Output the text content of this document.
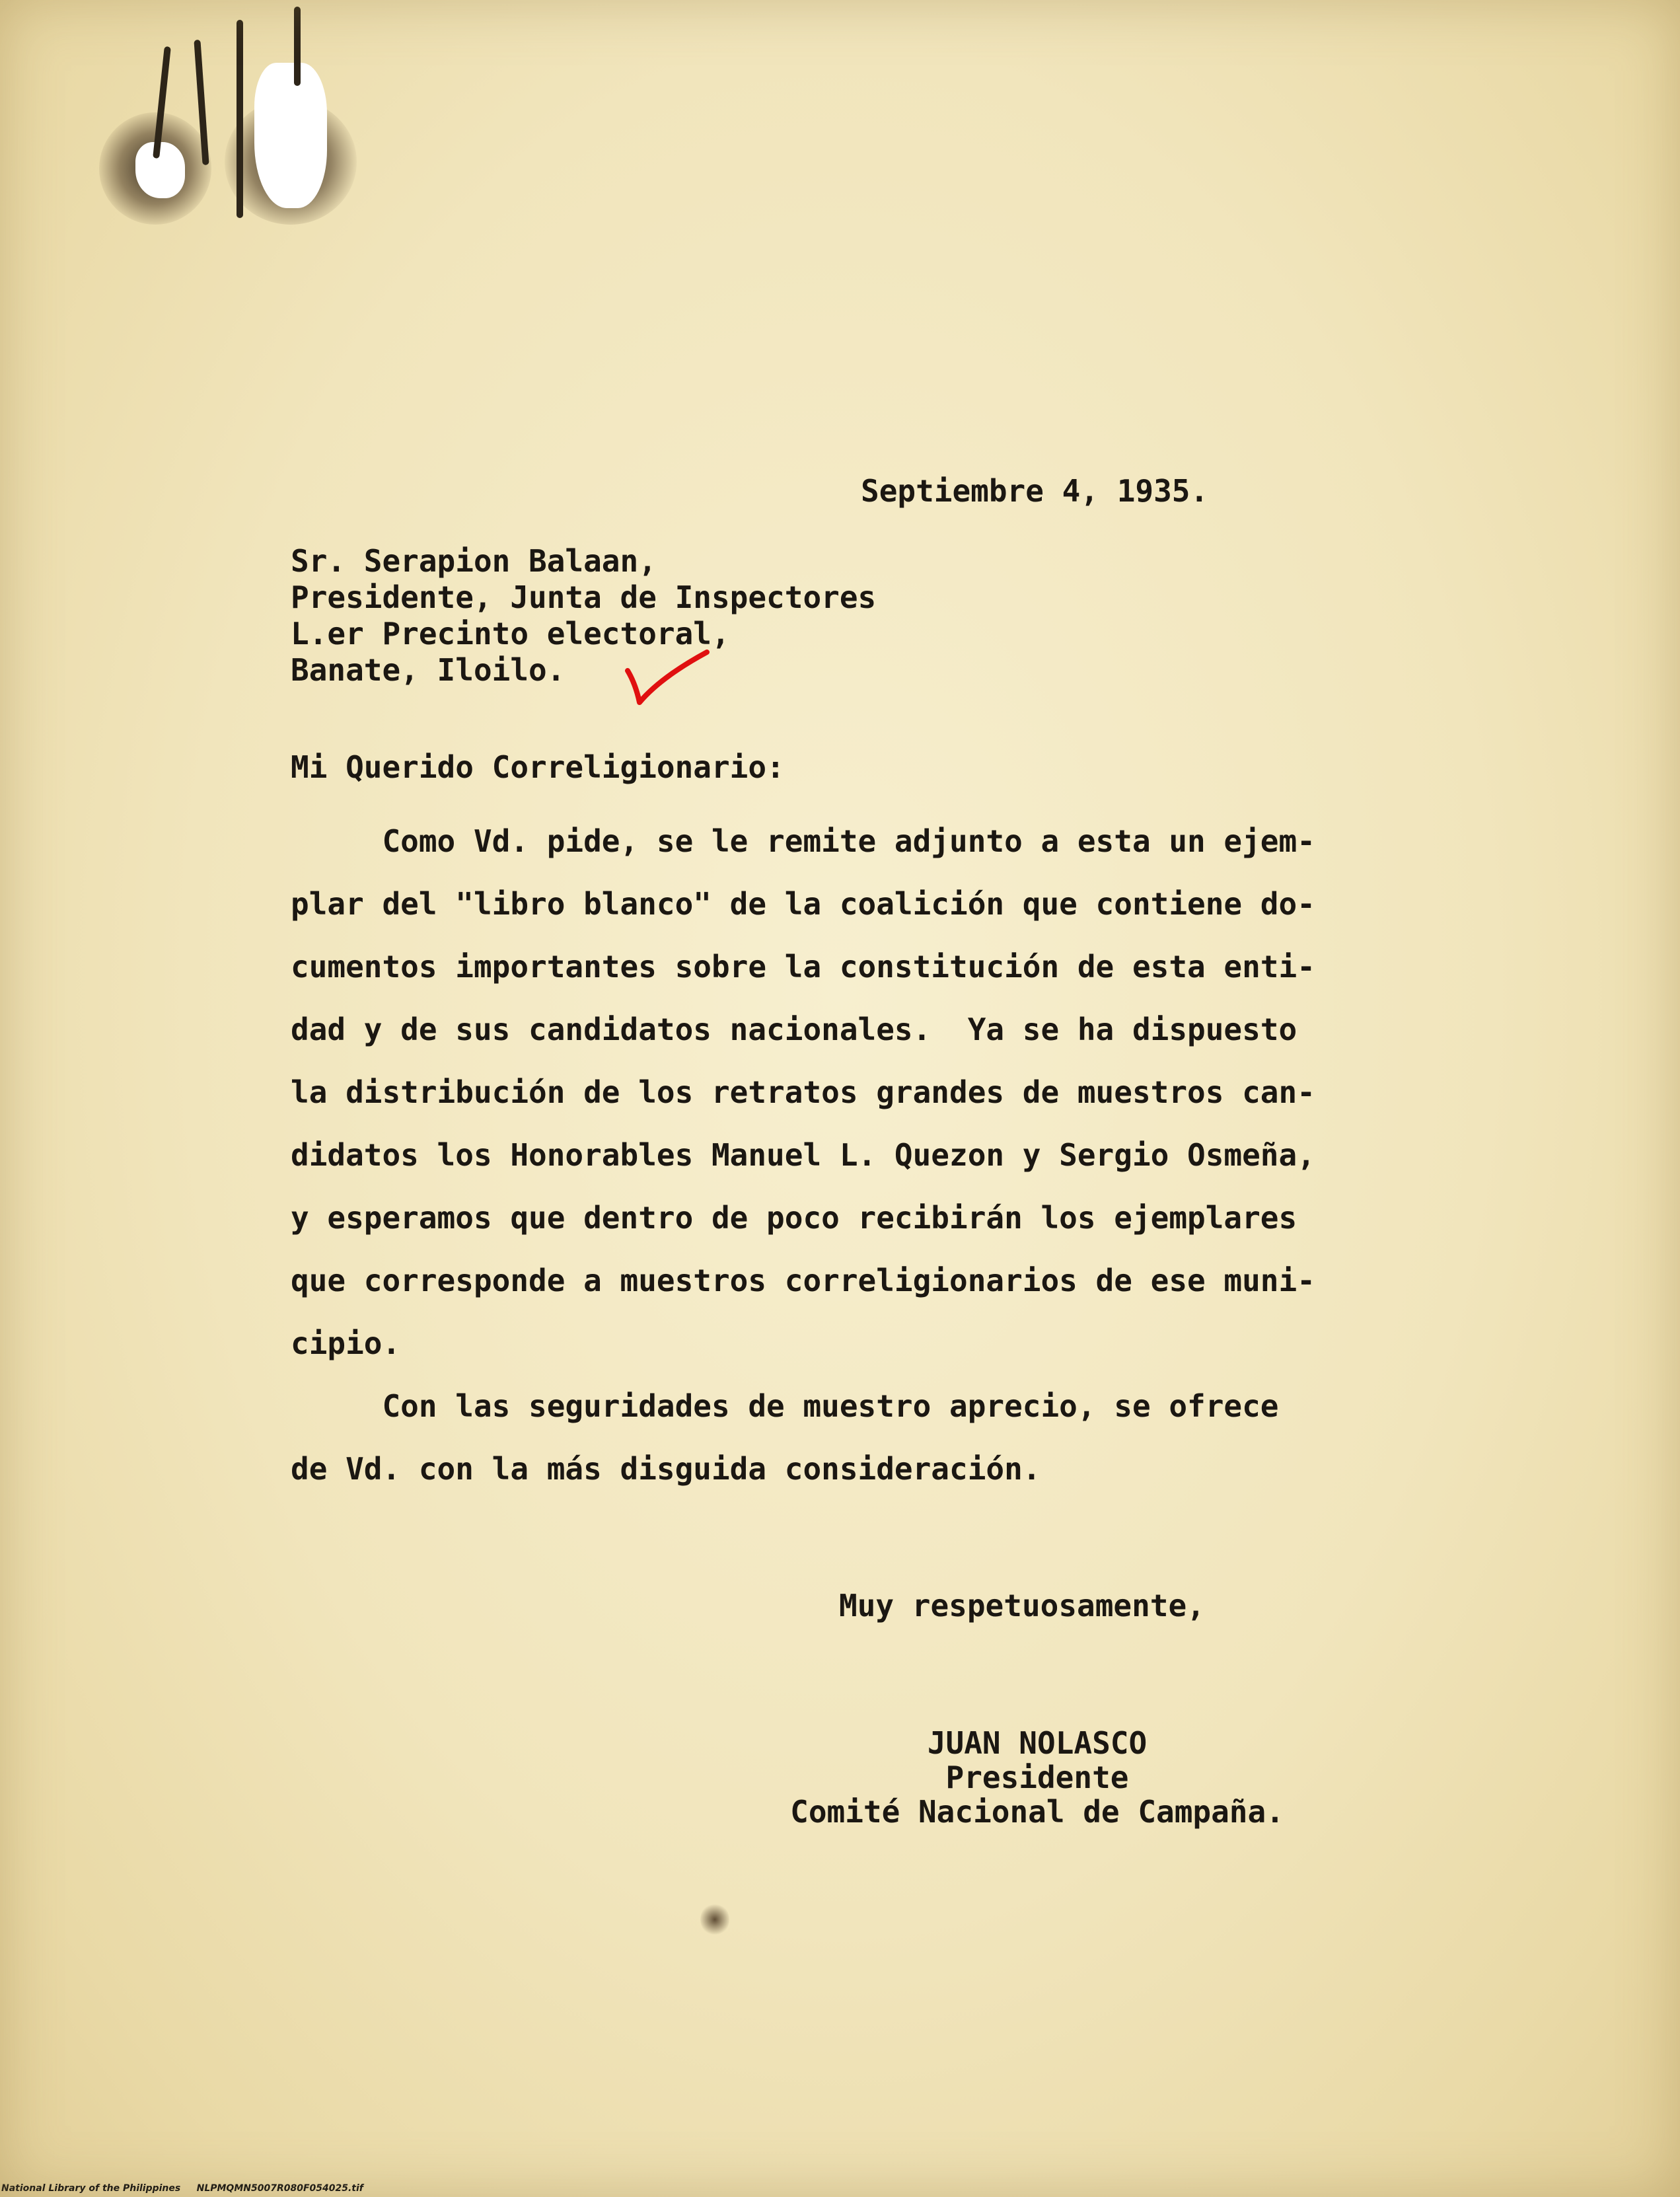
Septiembre 4, 1935.
Sr. Serapion Balaan,
Presidente, Junta de Inspectores
L.er Precinto electoral,
Banate, Iloilo.
Mi Querido Correligionario:
Como Vd. pide, se le remite adjunto a esta un ejem-
plar del "libro blanco" de la coalición que contiene do-
cumentos importantes sobre la constitución de esta enti-
dad y de sus candidatos nacionales.  Ya se ha dispuesto
la distribución de los retratos grandes de muestros can-
didatos los Honorables Manuel L. Quezon y Sergio Osmeña,
y esperamos que dentro de poco recibirán los ejemplares
que corresponde a muestros correligionarios de ese muni-
cipio.
Con las seguridades de muestro aprecio, se ofrece
de Vd. con la más disguida consideración.
Muy respetuosamente,
JUAN NOLASCO
Presidente
Comité Nacional de Campaña.
National Library of the Philippines     NLPMQMN5007R080F054025.tif
